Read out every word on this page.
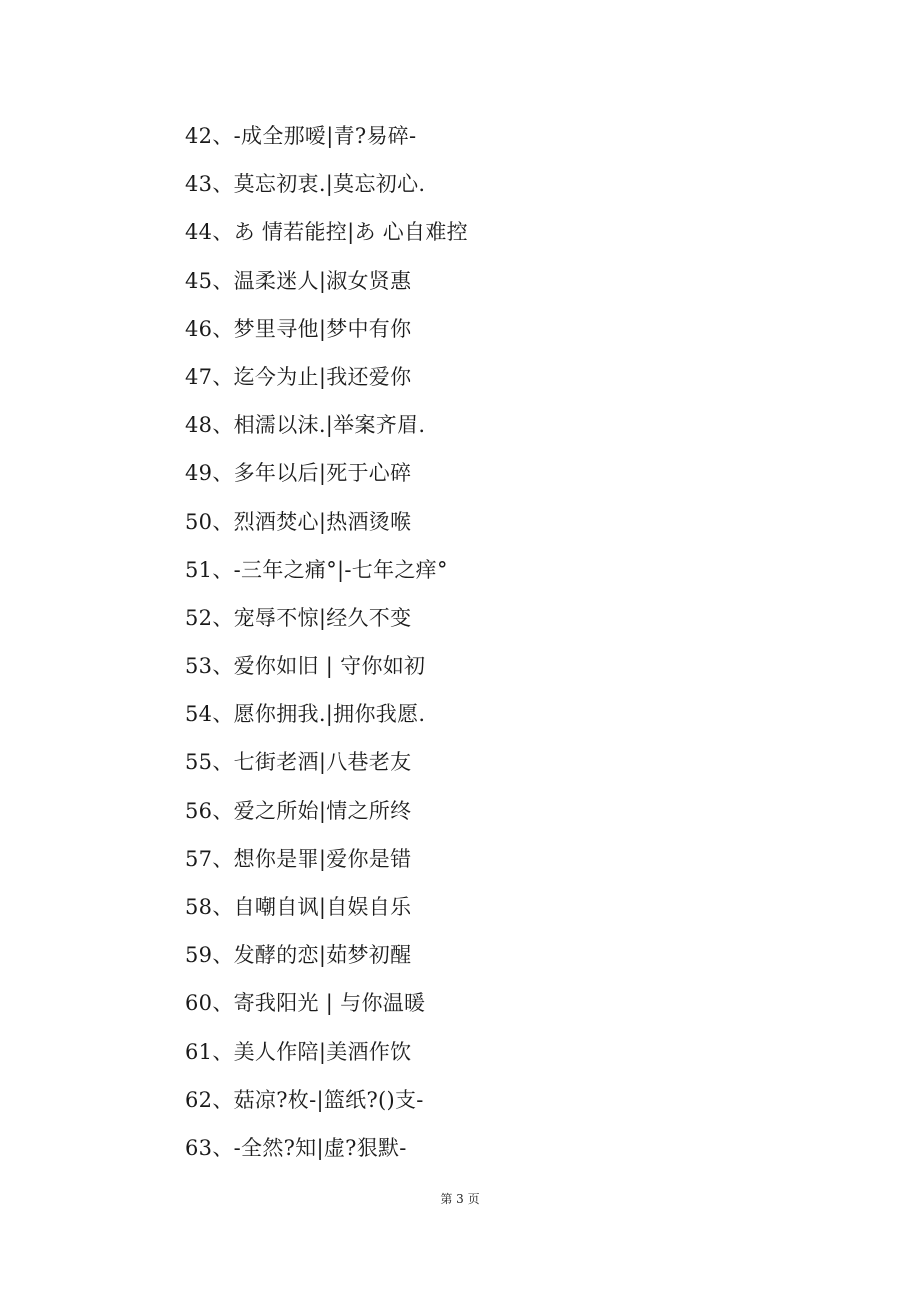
42、-成全那嗳|青?易碎-
43、莫忘初衷.|莫忘初心.
44、あ 情若能控|あ 心自难控
45、温柔迷人|淑女贤惠
46、梦里寻他|梦中有你
47、迄今为止|我还爱你
48、相濡以沫.|举案齐眉.
49、多年以后|死于心碎
50、烈酒焚心|热酒烫喉
51、-三年之痛°|-七年之痒°
52、宠辱不惊|经久不变
53、爱你如旧 | 守你如初
54、愿你拥我.|拥你我愿.
55、七街老酒|八巷老友
56、爱之所始|情之所终
57、想你是罪|爱你是错
58、自嘲自讽|自娱自乐
59、发酵的恋|茹梦初醒
60、寄我阳光 | 与你温暖
61、美人作陪|美酒作饮
62、菇凉?枚-|篮纸?()支-
63、-全然?知|虚?狠默-
第 3 页
